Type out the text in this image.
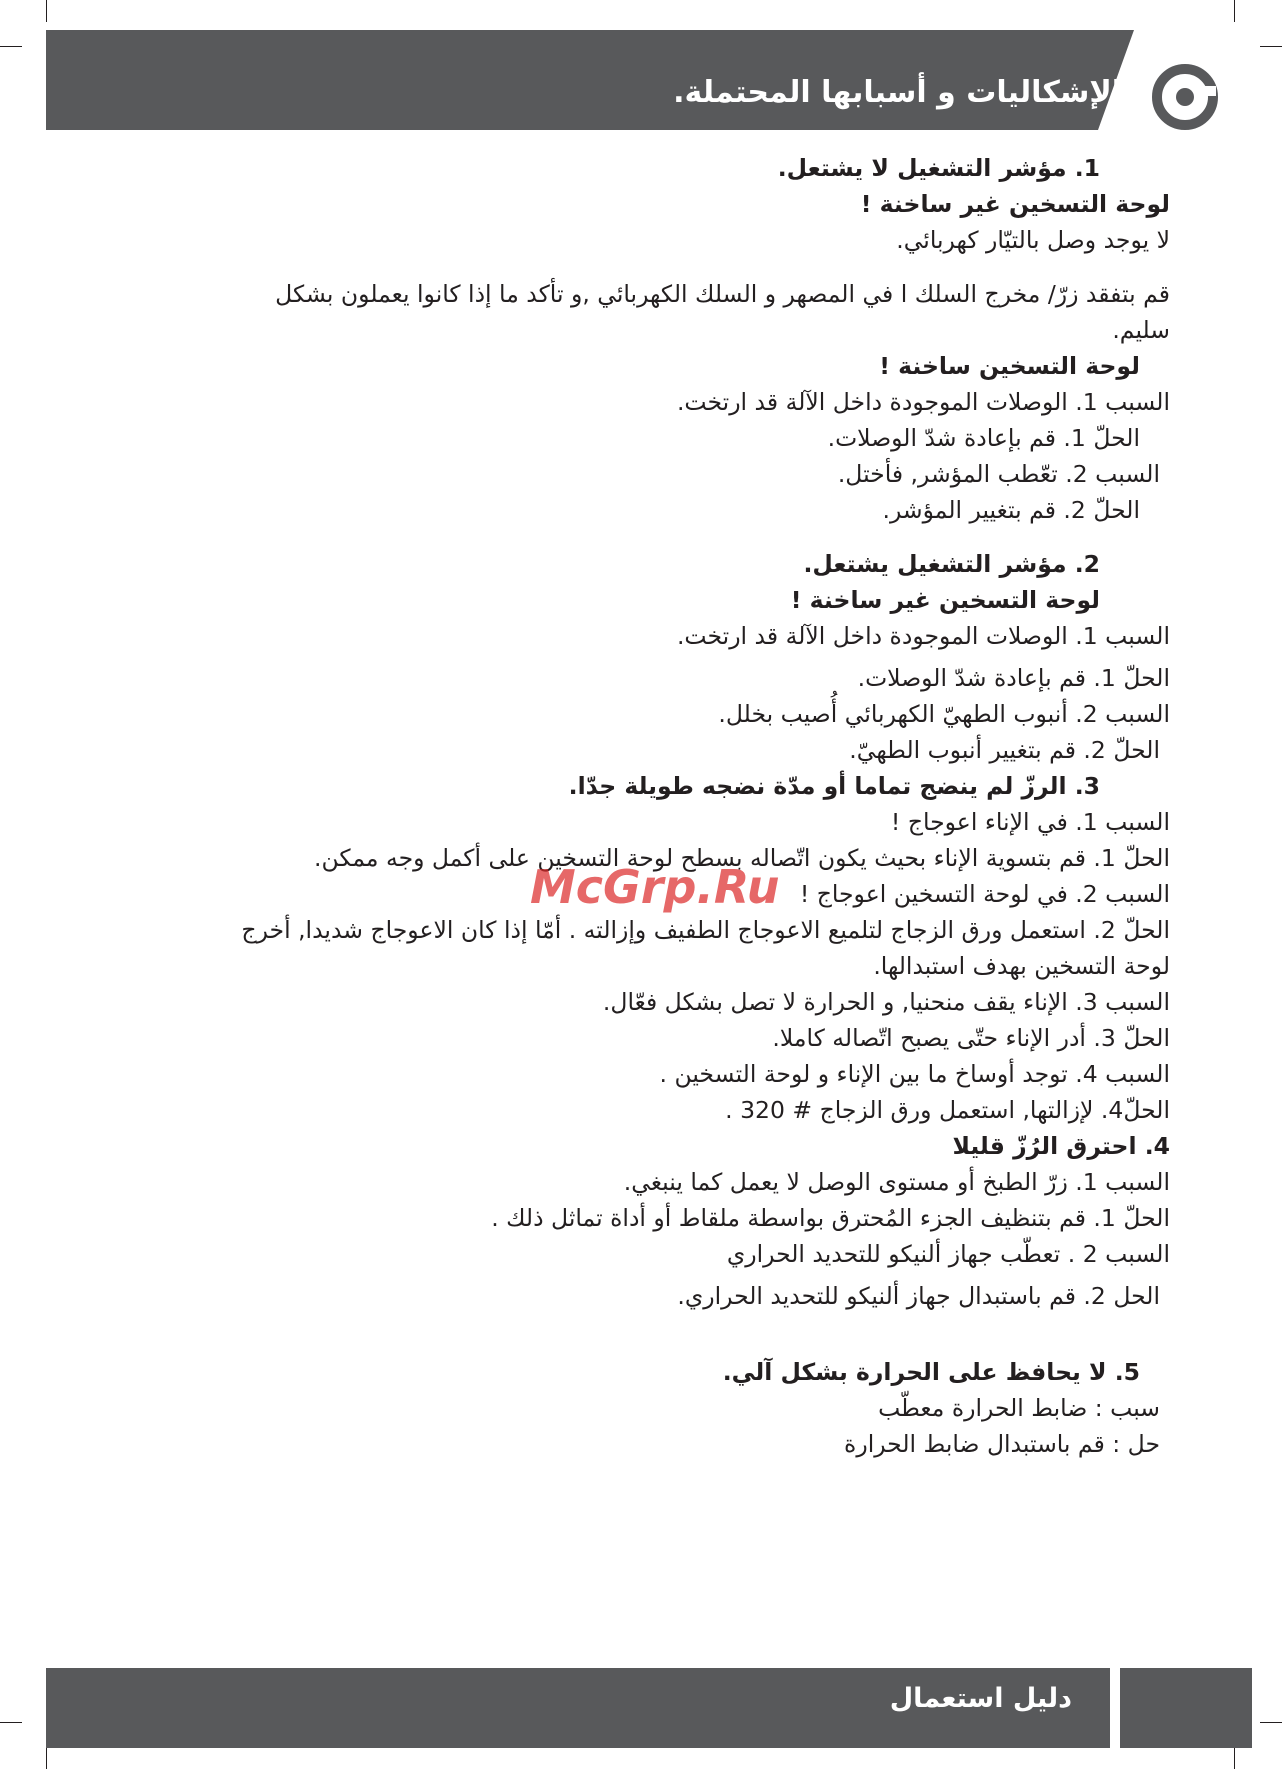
الإشكاليات و أسبابها المحتملة.

1. مؤشر التشغيل لا يشتعل.

لوحة التسخين غير ساخنة !

لا يوجد وصل بالتيّار كهربائي.

قم بتفقد زرّ/ مخرج السلك ا في المصهر و السلك الكهربائي ,و تأكد ما إذا كانوا يعملون بشكل سليم.

لوحة التسخين ساخنة !

السبب 1. الوصلات الموجودة داخل الآلة قد ارتخت.

الحلّ 1. قم بإعادة شدّ الوصلات.

السبب 2. تعّطب المؤشر, فأختل.

الحلّ 2. قم بتغيير المؤشر.

2. مؤشر التشغيل يشتعل.

لوحة التسخين غير ساخنة !

السبب 1. الوصلات الموجودة داخل الآلة قد ارتخت.

الحلّ 1. قم بإعادة شدّ الوصلات.

السبب 2. أنبوب الطهيّ الكهربائي أُصيب بخلل.

الحلّ 2. قم بتغيير أنبوب الطهيّ.

3. الرزّ لم ينضج تماما أو مدّة نضجه طويلة جدّا.

السبب 1. في الإناء اعوجاج !

الحلّ 1. قم بتسوية الإناء بحيث يكون اتّصاله بسطح لوحة التسخين على أكمل وجه ممكن.

السبب 2. في لوحة التسخين اعوجاج !

الحلّ 2. استعمل ورق الزجاج لتلميع الاعوجاج الطفيف وإزالته . أمّا إذا كان الاعوجاج شديدا, أخرج لوحة التسخين بهدف استبدالها.

السبب 3. الإناء يقف منحنيا, و الحرارة لا تصل بشكل فعّال.

الحلّ 3. أدر الإناء حتّى يصبح اتّصاله كاملا.

السبب 4. توجد أوساخ ما بين الإناء و لوحة التسخين .

الحلّ4. لإزالتها, استعمل ورق الزجاج # 320 .

4. احترق الرُزّ قليلا

السبب 1. زرّ الطبخ أو مستوى الوصل لا يعمل كما ينبغي.

الحلّ 1. قم بتنظيف الجزء المُحترق بواسطة ملقاط أو أداة تماثل ذلك .

السبب 2 . تعطّب جهاز ألنيكو للتحديد الحراري

الحل 2. قم باستبدال جهاز ألنيكو للتحديد الحراري.

5. لا يحافظ على الحرارة بشكل آلي.

سبب : ضابط الحرارة معطّب

حل : قم باستبدال ضابط الحرارة

McGrp.Ru
دليل استعمال
